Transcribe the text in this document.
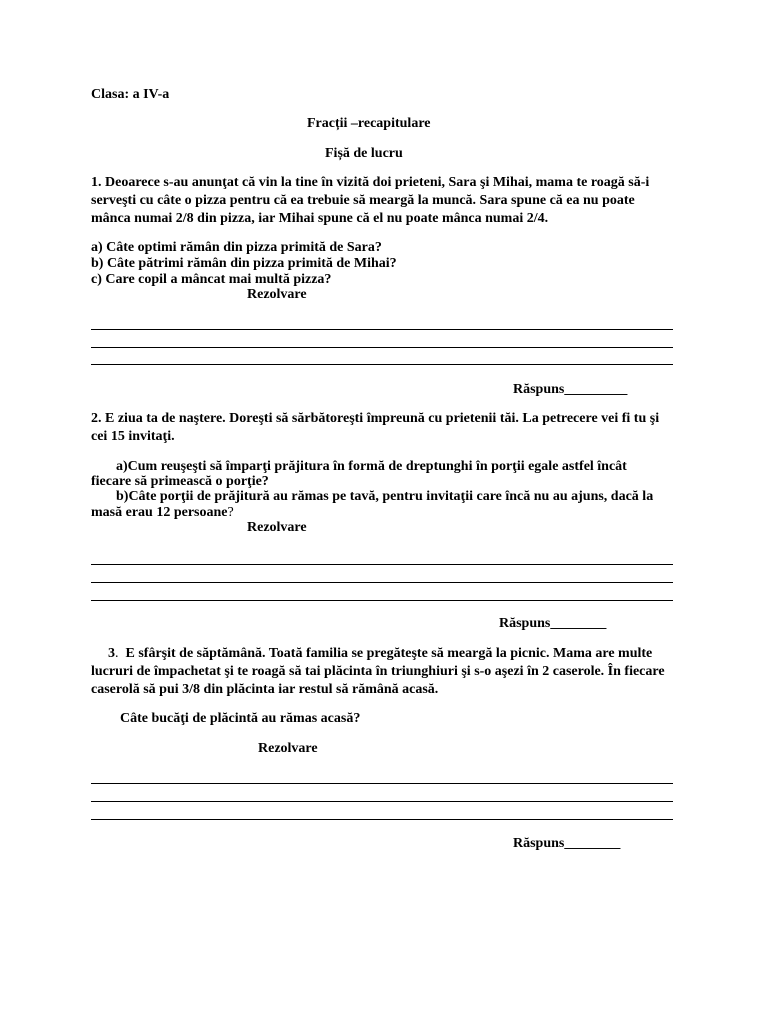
Clasa: a IV-a
Fracții –recapitulare
Fișă de lucru
1. Deoarece s-au anunţat că vin la tine în vizită doi prieteni, Sara şi Mihai, mama te roagă să-i
serveşti cu câte o pizza pentru că ea trebuie să meargă la muncă. Sara spune că ea nu poate
mânca numai 2/8 din pizza, iar Mihai spune că el nu poate mânca numai 2/4.
a) Câte optimi rămân din pizza primită de Sara?
b) Câte pătrimi rămân din pizza primită de Mihai?
c) Care copil a mâncat mai multă pizza?
Rezolvare
Răspuns_________
2. E ziua ta de naştere. Doreşti să sărbătoreşti împreună cu prietenii tăi. La petrecere vei fi tu şi
cei 15 invitaţi.
a)Cum reuşeşti să împarţi prăjitura în formă de dreptunghi în porţii egale astfel încât
fiecare să primească o porţie?
b)Câte porţii de prăjitură au rămas pe tavă, pentru invitaţii care încă nu au ajuns, dacă la
masă erau 12 persoane?
Rezolvare
Răspuns________
3. E sfârşit de săptămână. Toată familia se pregăteşte să meargă la picnic. Mama are multe
lucruri de împachetat şi te roagă să tai plăcinta în triunghiuri şi s-o aşezi în 2 caserole. În fiecare
caserolă să pui 3/8 din plăcinta iar restul să rămână acasă.
Câte bucăţi de plăcintă au rămas acasă?
Rezolvare
Răspuns________
